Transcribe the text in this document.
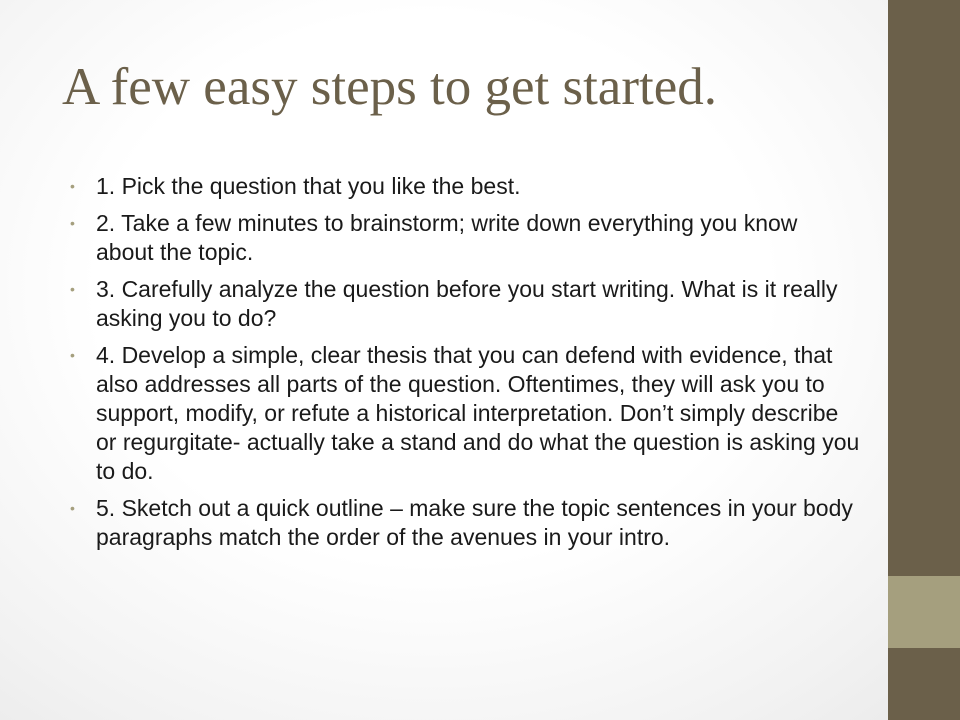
A few easy steps to get started.
• 1. Pick the question that you like the best.
• 2. Take a few minutes to brainstorm; write down everything you know about the topic.
• 3. Carefully analyze the question before you start writing. What is it really asking you to do?
• 4. Develop a simple, clear thesis that you can defend with evidence, that also addresses all parts of the question. Oftentimes, they will ask you to support, modify, or refute a historical interpretation. Don’t simply describe or regurgitate- actually take a stand and do what the question is asking you to do.
• 5. Sketch out a quick outline – make sure the topic sentences in your body paragraphs match the order of the avenues in your intro.
